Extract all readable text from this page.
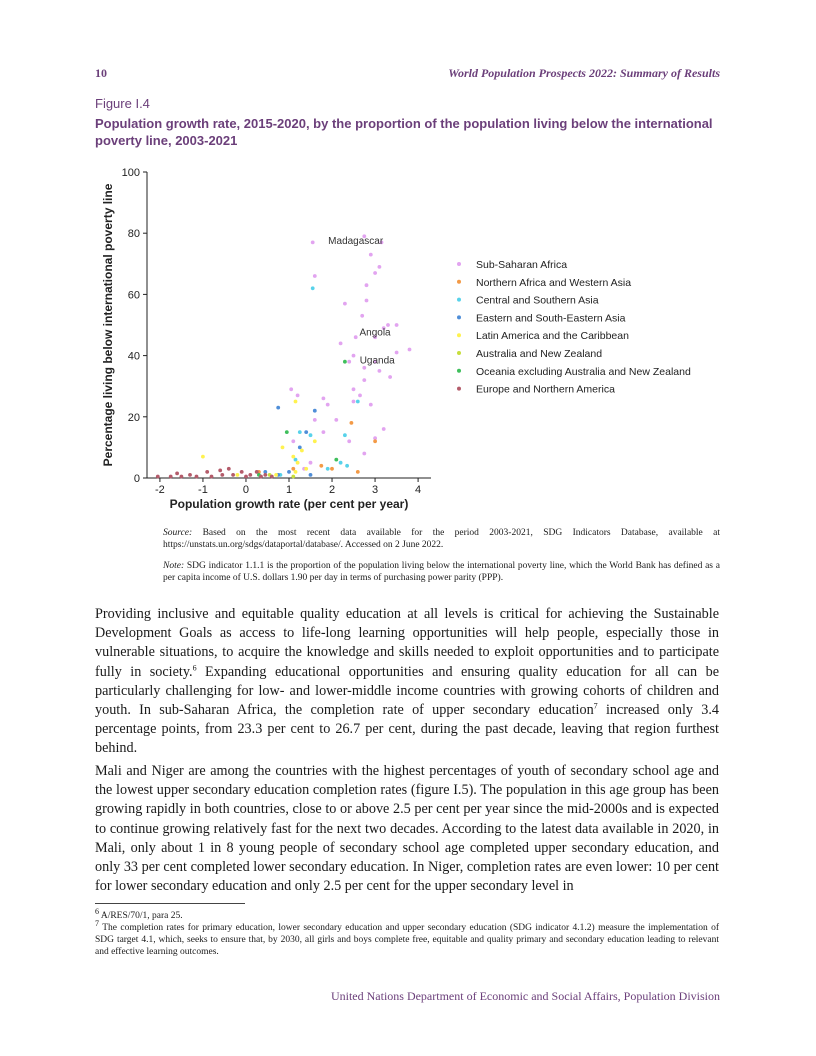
10	World Population Prospects 2022: Summary of Results
Figure I.4
Population growth rate, 2015-2020, by the proportion of the population living below the international poverty line, 2003-2021
0
20
40
60
80
100
-2	-1	0	1	2	3	4
Population growth rate (per cent per year)
Percentage living below international poverty line	Madagascar
Angola
Uganda
Sub-Saharan Africa
Northern Africa and Western Asia
Central and Southern Asia
Eastern and South-Eastern Asia
Latin America and the Caribbean
Australia and New Zealand
Oceania excluding Australia and New Zealand
Europe and Northern America
Source: Based on the most recent data available for the period 2003-2021, SDG Indicators Database, available at https://unstats.un.org/sdgs/dataportal/database/. Accessed on 2 June 2022.
Note: SDG indicator 1.1.1 is the proportion of the population living below the international poverty line, which the World Bank has defined as a per capita income of U.S. dollars 1.90 per day in terms of purchasing power parity (PPP).

Providing inclusive and equitable quality education at all levels is critical for achieving the Sustainable Development Goals as access to life-long learning opportunities will help people, especially those in vulnerable situations, to acquire the knowledge and skills needed to exploit opportunities and to participate fully in society.$^6$ Expanding educational opportunities and ensuring quality education for all can be particularly challenging for low- and lower-middle income countries with growing cohorts of children and youth. In sub-Saharan Africa, the completion rate of upper secondary education$^7$ increased only 3.4 percentage points, from 23.3 per cent to 26.7 per cent, during the past decade, leaving that region furthest behind.

Mali and Niger are among the countries with the highest percentages of youth of secondary school age and the lowest upper secondary education completion rates (figure I.5). The population in this age group has been growing rapidly in both countries, close to or above 2.5 per cent per year since the mid-2000s and is expected to continue growing relatively fast for the next two decades. According to the latest data available in 2020, in Mali, only about 1 in 8 young people of secondary school age completed upper secondary education, and only 33 per cent completed lower secondary education. In Niger, completion rates are even lower: 10 per cent for lower secondary education and only 2.5 per cent for the upper secondary level in

$^6$ A/RES/70/1, para 25.
$^7$ The completion rates for primary education, lower secondary education and upper secondary education (SDG indicator 4.1.2) measure the implementation of SDG target 4.1, which, seeks to ensure that, by 2030, all girls and boys complete free, equitable and quality primary and secondary education leading to relevant and effective learning outcomes.
United Nations Department of Economic and Social Affairs, Population Division
